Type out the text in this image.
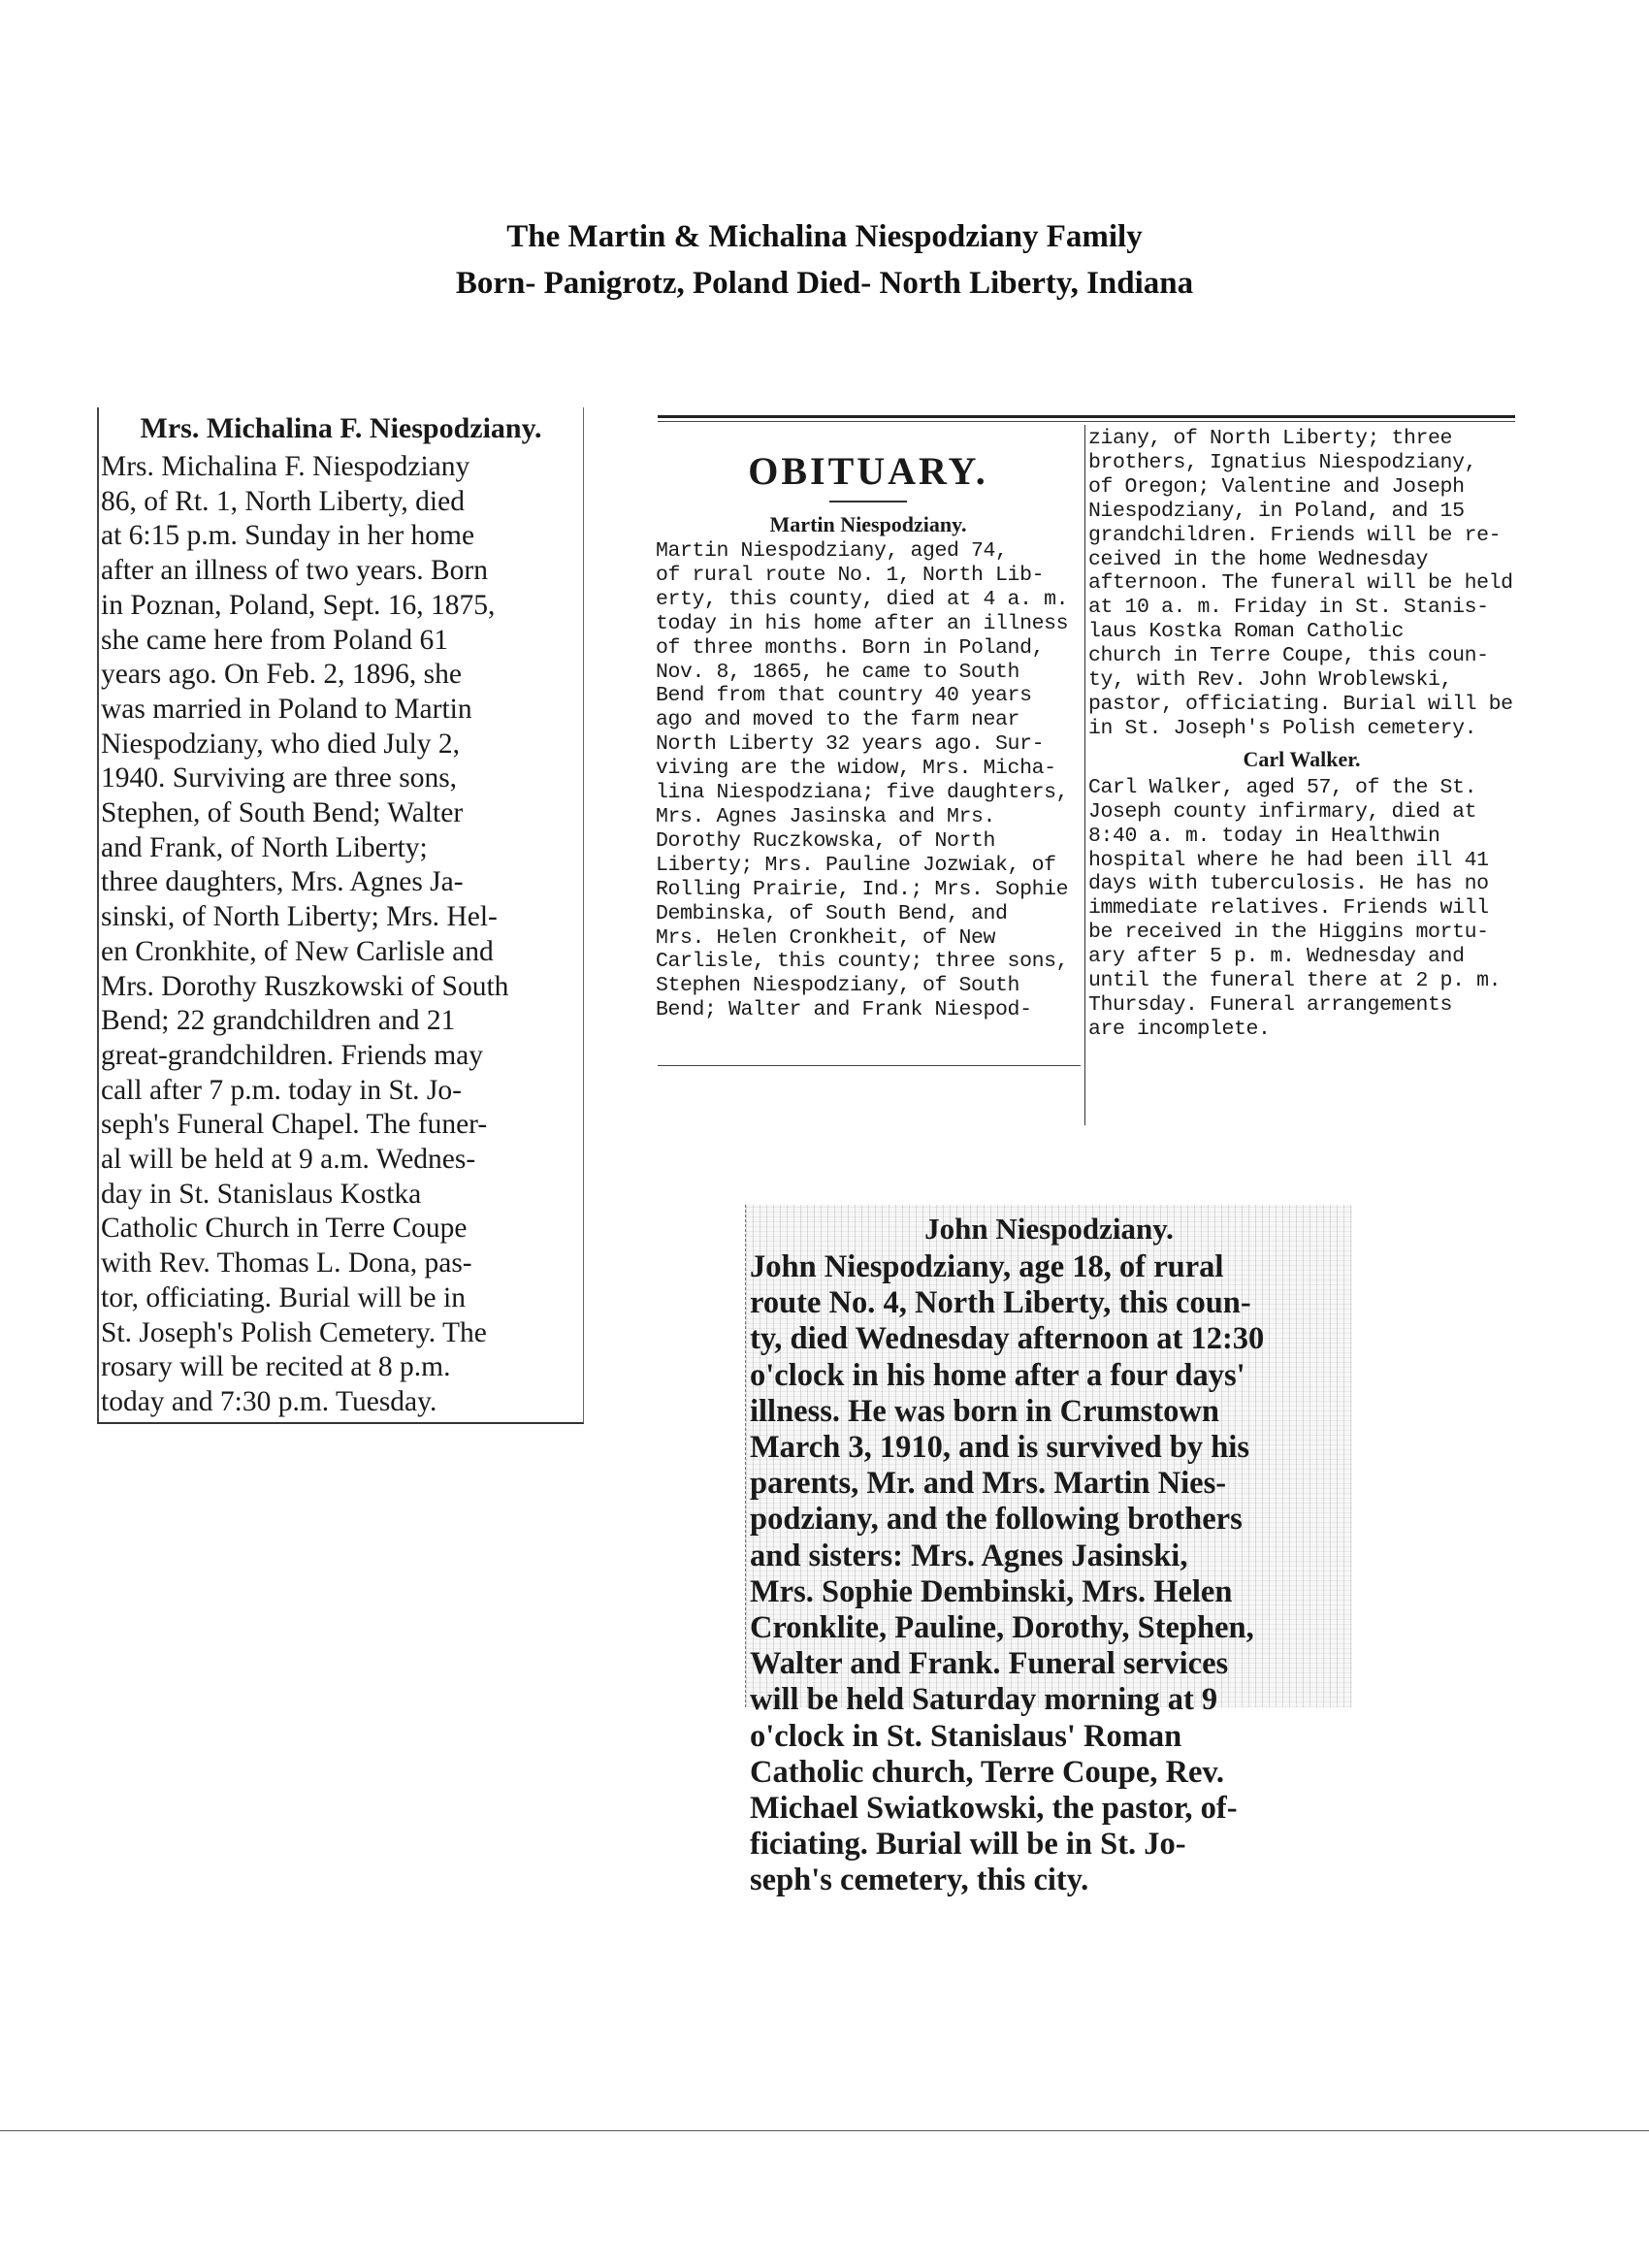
The Martin & Michalina Niespodziany Family
Born- Panigrotz, Poland Died- North Liberty, Indiana
Mrs. Michalina F. Niespodziany.
Mrs. Michalina F. Niespodziany
86, of Rt. 1, North Liberty, died
at 6:15 p.m. Sunday in her home
after an illness of two years. Born
in Poznan, Poland, Sept. 16, 1875,
she came here from Poland 61
years ago. On Feb. 2, 1896, she
was married in Poland to Martin
Niespodziany, who died July 2,
1940. Surviving are three sons,
Stephen, of South Bend; Walter
and Frank, of North Liberty;
three daughters, Mrs. Agnes Ja-
sinski, of North Liberty; Mrs. Hel-
en Cronkhite, of New Carlisle and
Mrs. Dorothy Ruszkowski of South
Bend; 22 grandchildren and 21
great-grandchildren. Friends may
call after 7 p.m. today in St. Jo-
seph's Funeral Chapel. The funer-
al will be held at 9 a.m. Wednes-
day in St. Stanislaus Kostka
Catholic Church in Terre Coupe
with Rev. Thomas L. Dona, pas-
tor, officiating. Burial will be in
St. Joseph's Polish Cemetery. The
rosary will be recited at 8 p.m.
today and 7:30 p.m. Tuesday.
OBITUARY.
Martin Niespodziany.
Martin Niespodziany, aged 74,
of rural route No. 1, North Lib-
erty, this county, died at 4 a. m.
today in his home after an illness
of three months. Born in Poland,
Nov. 8, 1865, he came to South
Bend from that country 40 years
ago and moved to the farm near
North Liberty 32 years ago. Sur-
viving are the widow, Mrs. Micha-
lina Niespodziana; five daughters,
Mrs. Agnes Jasinska and Mrs.
Dorothy Ruczkowska, of North
Liberty; Mrs. Pauline Jozwiak, of
Rolling Prairie, Ind.; Mrs. Sophie
Dembinska, of South Bend, and
Mrs. Helen Cronkheit, of New
Carlisle, this county; three sons,
Stephen Niespodziany, of South
Bend; Walter and Frank Niespod-
ziany, of North Liberty; three
brothers, Ignatius Niespodziany,
of Oregon; Valentine and Joseph
Niespodziany, in Poland, and 15
grandchildren. Friends will be re-
ceived in the home Wednesday
afternoon. The funeral will be held
at 10 a. m. Friday in St. Stanis-
laus Kostka Roman Catholic
church in Terre Coupe, this coun-
ty, with Rev. John Wroblewski,
pastor, officiating. Burial will be
in St. Joseph's Polish cemetery.
Carl Walker.
Carl Walker, aged 57, of the St.
Joseph county infirmary, died at
8:40 a. m. today in Healthwin
hospital where he had been ill 41
days with tuberculosis. He has no
immediate relatives. Friends will
be received in the Higgins mortu-
ary after 5 p. m. Wednesday and
until the funeral there at 2 p. m.
Thursday. Funeral arrangements
are incomplete.
John Niespodziany.
John Niespodziany, age 18, of rural
route No. 4, North Liberty, this coun-
ty, died Wednesday afternoon at 12:30
o'clock in his home after a four days'
illness. He was born in Crumstown
March 3, 1910, and is survived by his
parents, Mr. and Mrs. Martin Nies-
podziany, and the following brothers
and sisters: Mrs. Agnes Jasinski,
Mrs. Sophie Dembinski, Mrs. Helen
Cronklite, Pauline, Dorothy, Stephen,
Walter and Frank. Funeral services
will be held Saturday morning at 9
o'clock in St. Stanislaus' Roman
Catholic church, Terre Coupe, Rev.
Michael Swiatkowski, the pastor, of-
ficiating. Burial will be in St. Jo-
seph's cemetery, this city.
